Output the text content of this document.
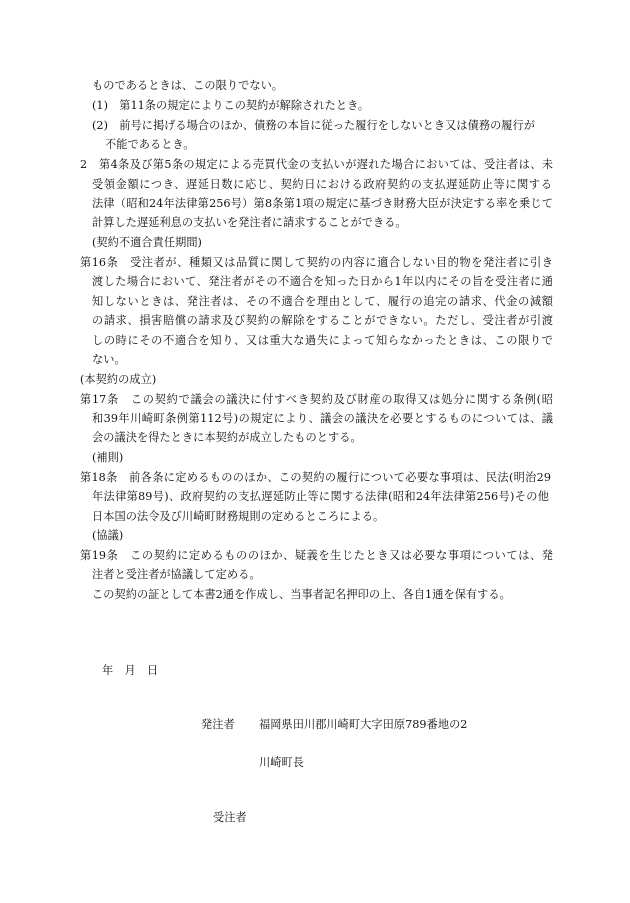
ものであるときは、この限りでない。
(1)　第11条の規定によりこの契約が解除されたとき。
(2)　前号に掲げる場合のほか、債務の本旨に従った履行をしないとき又は債務の履行が
不能であるとき。
2　第4条及び第5条の規定による売買代金の支払いが遅れた場合においては、受注者は、未
受領金額につき、遅延日数に応じ、契約日における政府契約の支払遅延防止等に関する
法律（昭和24年法律第256号）第8条第1項の規定に基づき財務大臣が決定する率を乗じて
計算した遅延利息の支払いを発注者に請求することができる。
(契約不適合責任期間)
第16条　受注者が、種類又は品質に関して契約の内容に適合しない目的物を発注者に引き
渡した場合において、発注者がその不適合を知った日から1年以内にその旨を受注者に通
知しないときは、発注者は、その不適合を理由として、履行の追完の請求、代金の減額
の請求、損害賠償の請求及び契約の解除をすることができない。ただし、受注者が引渡
しの時にその不適合を知り、又は重大な過失によって知らなかったときは、この限りで
ない。
(本契約の成立)
第17条　この契約で議会の議決に付すべき契約及び財産の取得又は処分に関する条例(昭
和39年川崎町条例第112号)の規定により、議会の議決を必要とするものについては、議
会の議決を得たときに本契約が成立したものとする。
(補則)
第18条　前各条に定めるもののほか、この契約の履行について必要な事項は、民法(明治29
年法律第89号)、政府契約の支払遅延防止等に関する法律(昭和24年法律第256号)その他
日本国の法令及び川崎町財務規則の定めるところによる。
(協議)
第19条　この契約に定めるもののほか、疑義を生じたとき又は必要な事項については、発
注者と受注者が協議して定める。
この契約の証として本書2通を作成し、当事者記名押印の上、各自1通を保有する。
年　月　日
発注者 福岡県田川郡川崎町大字田原789番地の2
川崎町長
受注者
